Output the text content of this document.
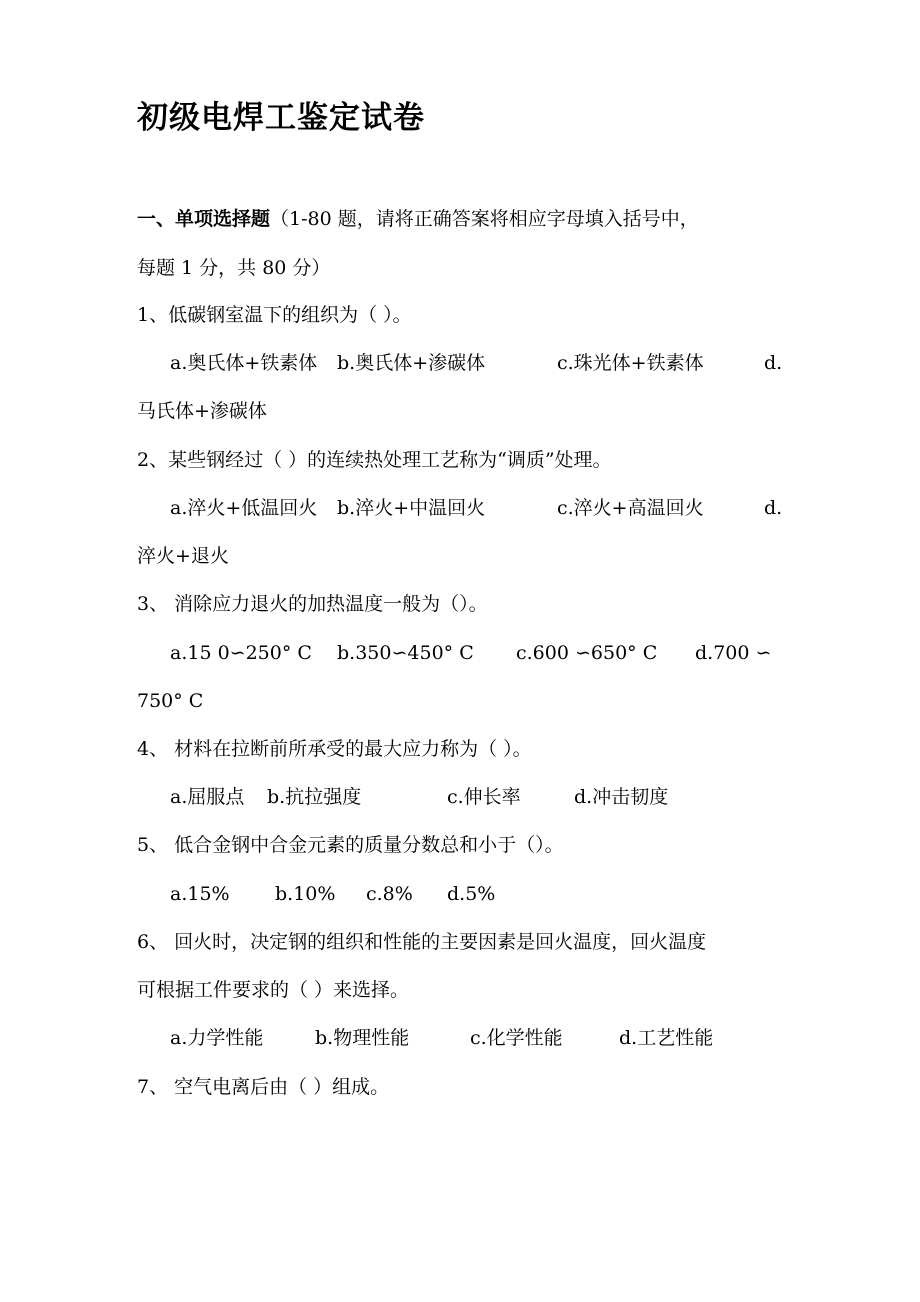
初级电焊工鉴定试卷
一、单项选择题（1-80 题，请将正确答案将相应字母填入括号中，
每题 1 分，共 80 分）
1、低碳钢室温下的组织为（ ）。
a.奥氏体+铁素体 b.奥氏体+渗碳体	c.珠光体+铁素体	d.
马氏体+渗碳体
2、某些钢经过（ ）的连续热处理工艺称为“调质”处理。
a.淬火+低温回火 b.淬火+中温回火	c.淬火+高温回火	d.
淬火+退火
3、 消除应力退火的加热温度一般为（）。
a.15 0∽250° C b.350∽450° C c.600 ∽650° C d.700 ∽
750° C
4、 材料在拉断前所承受的最大应力称为（ ）。
a.屈服点 b.抗拉强度	c.伸长率	d.冲击韧度
5、 低合金钢中合金元素的质量分数总和小于（）。
a.15% b.10% c.8% d.5%
6、 回火时，决定钢的组织和性能的主要因素是回火温度，回火温度
可根据工件要求的（ ）来选择。
a.力学性能	b.物理性能	c.化学性能	d.工艺性能
7、 空气电离后由（ ）组成。
